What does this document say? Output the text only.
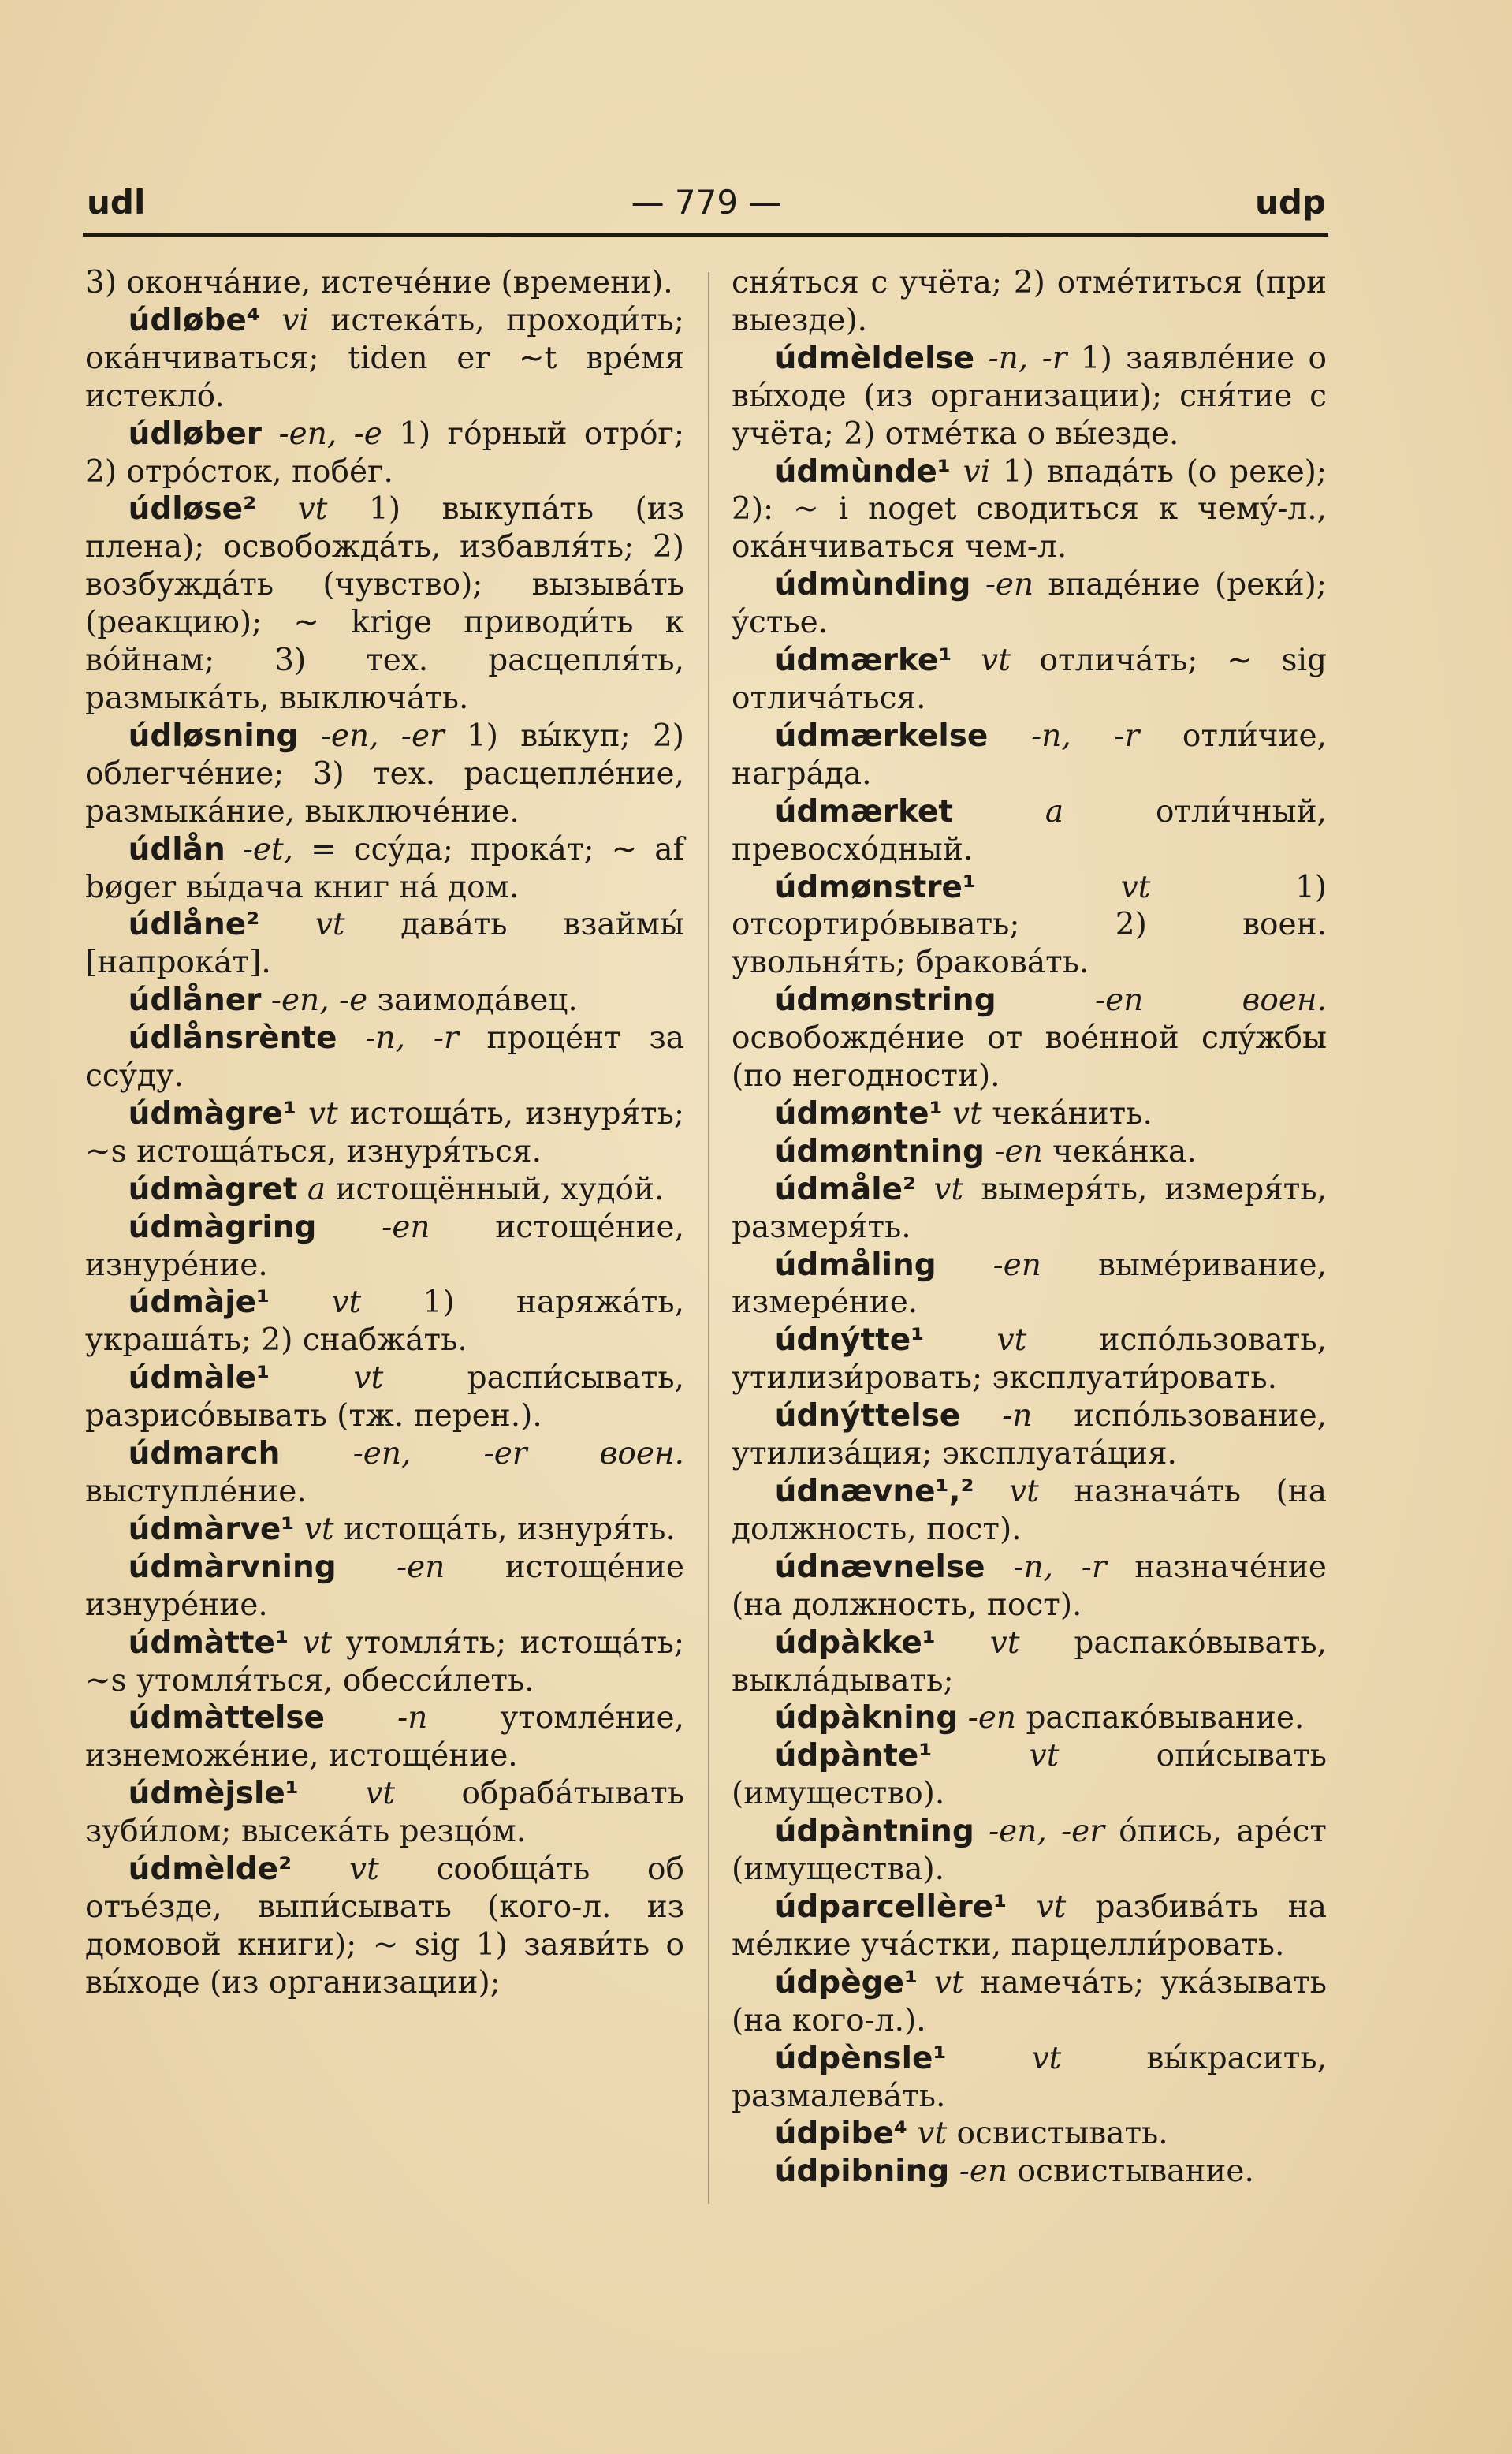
udl	— 779 —	udp

3) окончáние, истечéние (времени).

údløbe⁴ vi истекáть, проходи́ть; окáнчиваться; tiden er ~t врéмя истеклó.

údløber -en, -e 1) гóрный отрóг; 2) отрóсток, побéг.

údløse² vt 1) выкупáть (из плена); освобождáть, избавля́ть; 2) возбуждáть (чувство); вызывáть (реакцию); ~ krige приводи́ть к вóйнам; 3) тех. расцепля́ть, размыкáть, выключáть.

údløsning -en, -er 1) вы́куп; 2) облегчéние; 3) тех. расцеплéние, размыкáние, выключéние.

údlån -et, = ссýда; прокáт; ~ af bøger вы́дача книг нá дом.

údlåne² vt давáть взаймы́ [напрокáт].

údlåner -en, -e заимодáвец.

údlånsrènte -n, -r процéнт за ссýду.

údmàgre¹ vt истощáть, изнуря́ть; ~s истощáться, изнуря́ться.

údmàgret a истощённый, худóй.

údmàgring -en истощéние, изнурéние.

údmàje¹ vt 1) наряжáть, украшáть; 2) снабжáть.

údmàle¹	vt	распи́сывать, разрисóвывать (тж. перен.).

údmarch -en, -er воен. выступлéние.

údmàrve¹ vt истощáть, изнуря́ть.

údmàrvning -en истощéние изнурéние.

údmàtte¹ vt утомля́ть; истощáть; ~s утомля́ться, обесси́леть.

údmàttelse -n утомлéние, изнеможéние, истощéние.

údmèjsle¹ vt обрабáтывать зуби́лом; высекáть резцóм.

údmèlde² vt сообщáть об отъéзде, выпи́сывать (кого-л. из домовой книги); ~ sig 1) заяви́ть о вы́ходе (из организации);

сня́ться с учёта; 2) отмéтиться (при выезде).

údmèldelse -n, -r 1) заявлéние о вы́ходе (из организации); сня́тие с учёта; 2) отмéтка о вы́езде.

údmùnde¹ vi 1) впадáть (о реке); 2): ~ i noget сводиться к чемý-л., окáнчиваться чем-л.

údmùnding -en впадéние (реки́); ýстье.

údmærke¹ vt отличáть; ~ sig отличáться.

údmærkelse -n, -r отли́чие, нагрáда.

údmærket	a	отли́чный, превосхóдный.

údmønstre¹	vt	1) отсортирóвывать; 2) воен. увольня́ть; браковáть.

údmønstring	-en воен. освобождéние от воéнной слýжбы (по негодности).

údmønte¹ vt чекáнить.

údmøntning -en чекáнка.

údmåle² vt вымеря́ть, измеря́ть, размеря́ть.

údmåling -en вымéривание, измерéние.

údnýtte¹ vt испóльзовать, утилизи́ровать; эксплуати́ровать.

údnýttelse -n испóльзование, утилизáция; эксплуатáция.

údnævne¹,² vt назначáть (на должность, пост).

údnævnelse -n, -r назначéние (на должность, пост).

údpàkke¹ vt распакóвывать, выклáдывать;

údpàkning -en распакóвывание.

údpànte¹	vt	опи́сывать (имущество).

údpàntning -en, -er óпись, арéст (имущества).

údparcellère¹ vt разбивáть на мéлкие учáстки, парцелли́ровать.

údpège¹ vt намечáть; укáзывать (на кого-л.).

údpènsle¹	vt	вы́красить, размалевáть.

údpibe⁴ vt освистывать.

údpibning -en освистывание.
